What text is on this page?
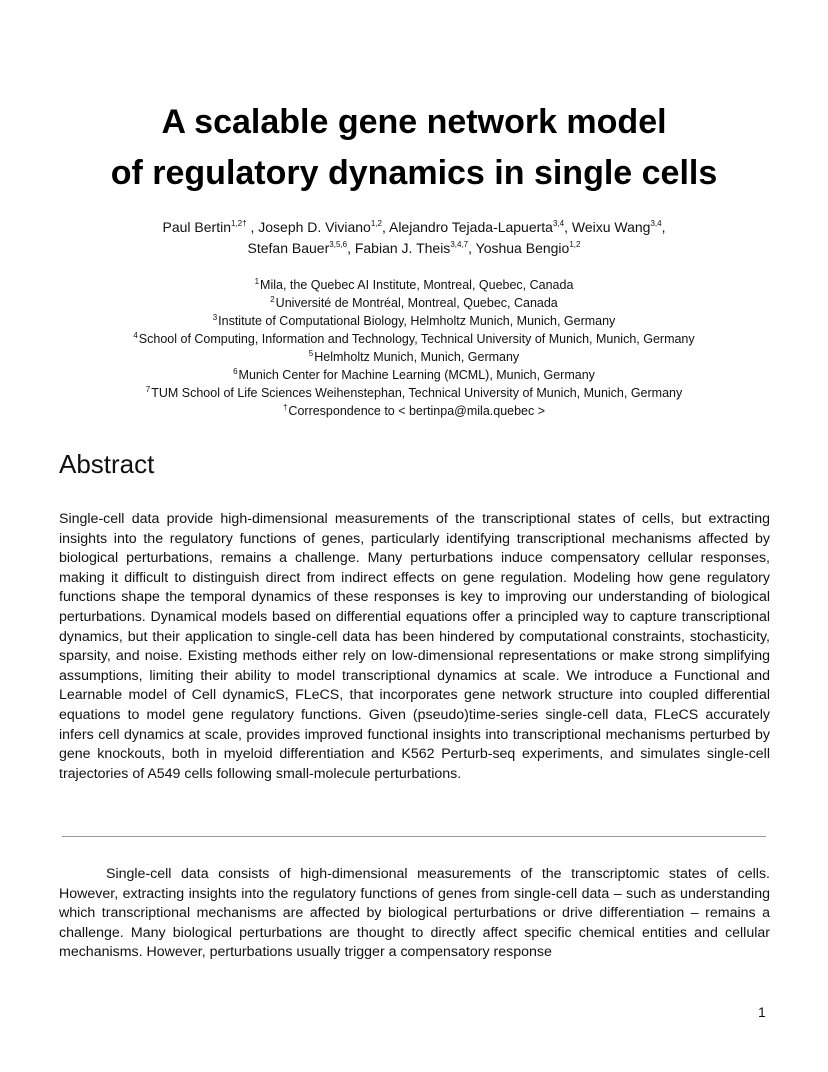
A scalable gene network model
of regulatory dynamics in single cells
Paul Bertin$^{1,2\dagger}$ , Joseph D. Viviano$^{1,2}$, Alejandro Tejada-Lapuerta$^{3,4}$, Weixu Wang$^{3,4}$,
Stefan Bauer$^{3,5,6}$, Fabian J. Theis$^{3,4,7}$, Yoshua Bengio$^{1,2}$
$^1$Mila, the Quebec AI Institute, Montreal, Quebec, Canada
$^2$Université de Montréal, Montreal, Quebec, Canada
$^3$Institute of Computational Biology, Helmholtz Munich, Munich, Germany
$^4$School of Computing, Information and Technology, Technical University of Munich, Munich, Germany
$^5$Helmholtz Munich, Munich, Germany
$^6$Munich Center for Machine Learning (MCML), Munich, Germany
$^7$TUM School of Life Sciences Weihenstephan, Technical University of Munich, Munich, Germany
†Correspondence to < bertinpa@mila.quebec >
Abstract

Single-cell data provide high-dimensional measurements of the transcriptional states of cells, but extracting insights into the regulatory functions of genes, particularly identifying transcriptional mechanisms affected by biological perturbations, remains a challenge. Many perturbations induce compensatory cellular responses, making it difficult to distinguish direct from indirect effects on gene regulation. Modeling how gene regulatory functions shape the temporal dynamics of these responses is key to improving our understanding of biological perturbations. Dynamical models based on differential equations offer a principled way to capture transcriptional dynamics, but their application to single-cell data has been hindered by computational constraints, stochasticity, sparsity, and noise. Existing methods either rely on low-dimensional representations or make strong simplifying assumptions, limiting their ability to model transcriptional dynamics at scale. We introduce a Functional and Learnable model of Cell dynamicS, FLeCS, that incorporates gene network structure into coupled differential equations to model gene regulatory functions. Given (pseudo)time-series single-cell data, FLeCS accurately infers cell dynamics at scale, provides improved functional insights into transcriptional mechanisms perturbed by gene knockouts, both in myeloid differentiation and K562 Perturb-seq experiments, and simulates single-cell trajectories of A549 cells following small-molecule perturbations.

Single-cell data consists of high-dimensional measurements of the transcriptomic states of cells. However, extracting insights into the regulatory functions of genes from single-cell data – such as understanding which transcriptional mechanisms are affected by biological perturbations or drive differentiation – remains a challenge. Many biological perturbations are thought to directly affect specific chemical entities and cellular mechanisms. However, perturbations usually trigger a compensatory response

1
